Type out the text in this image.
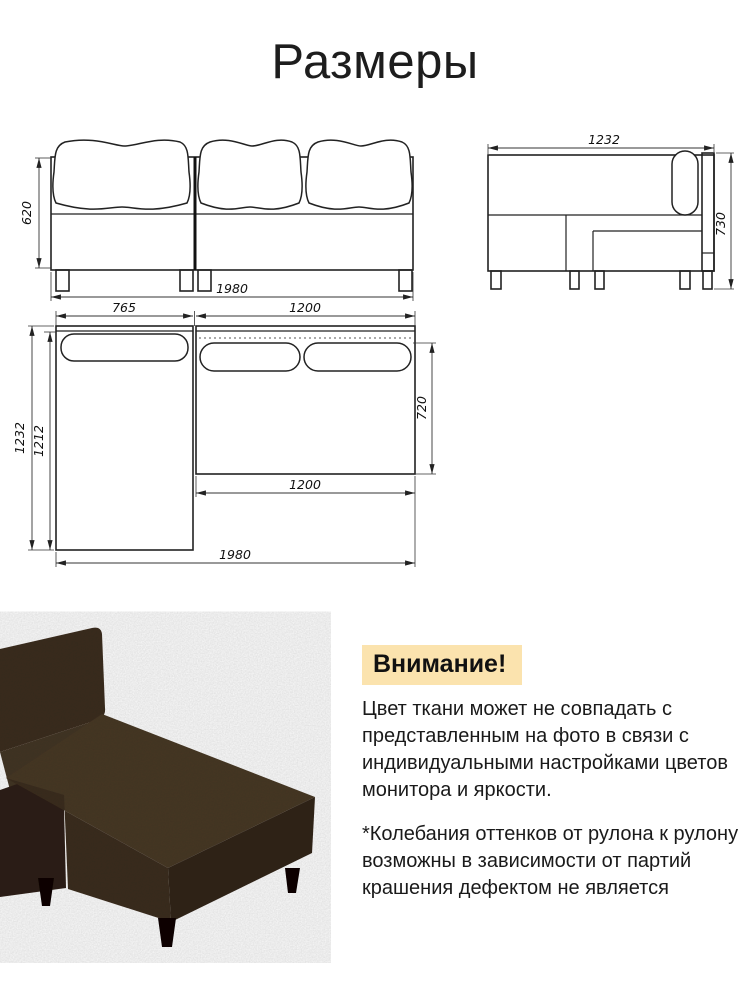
Размеры
620
1980
1232
730
765	1200
1232 1212
720
1200
1980
Внимание!

Цвет ткани может не совпадать с представленным на фото в связи с индивидуальными настройками цветов монитора и яркости.

*Колебания оттенков от рулона к рулону возможны в зависимости от партий крашения дефектом не является
